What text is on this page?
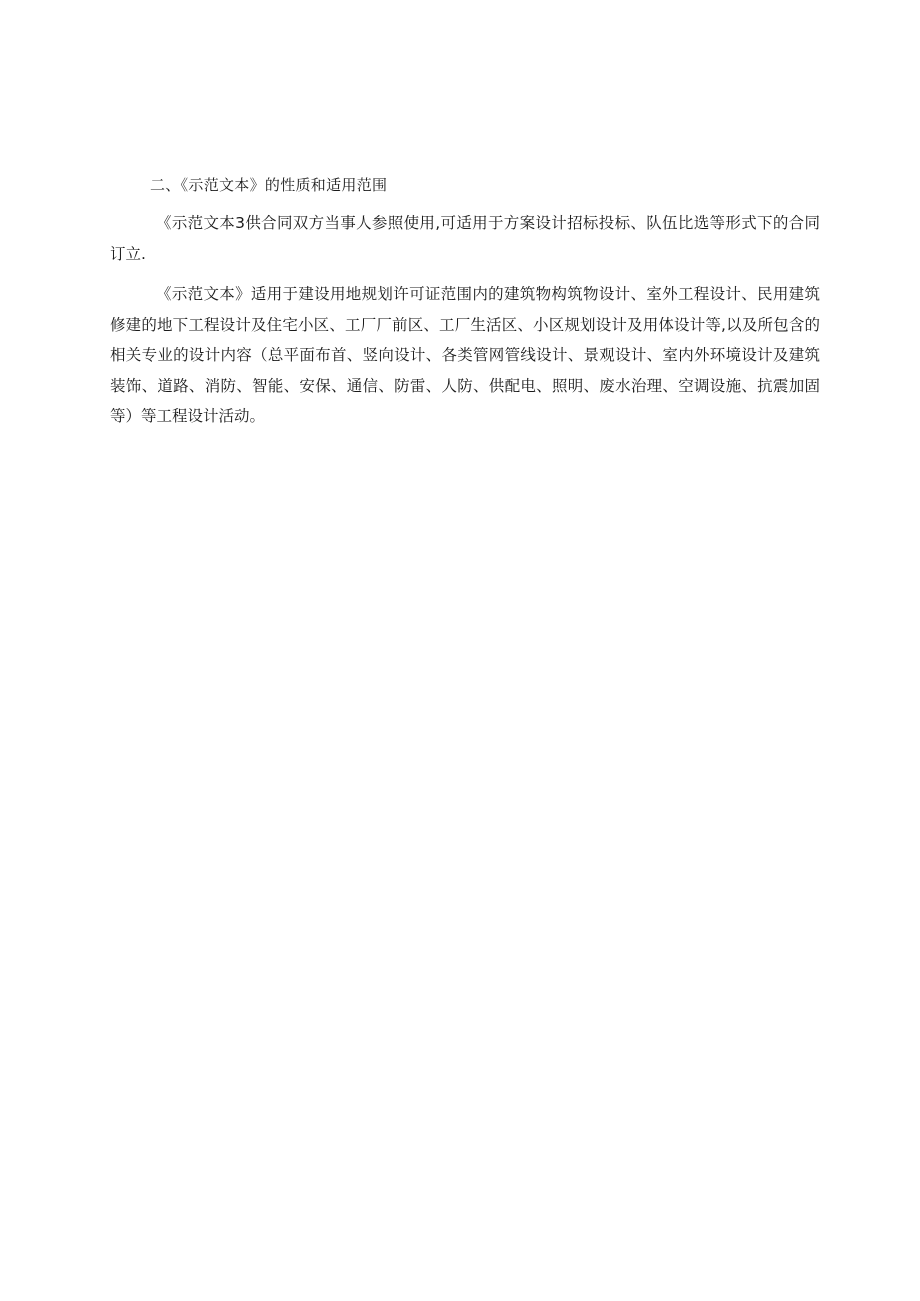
二、《示范文本》的性质和适用范围

《示范文本3供合同双方当事人参照使用,可适用于方案设计招标投标、队伍比选等形式下的合同订立.

《示范文本》适用于建设用地规划许可证范围内的建筑物构筑物设计、室外工程设计、民用建筑修建的地下工程设计及住宅小区、工厂厂前区、工厂生活区、小区规划设计及用体设计等,以及所包含的相关专业的设计内容（总平面布首、竖向设计、各类管网管线设计、景观设计、室内外环境设计及建筑装饰、道路、消防、智能、安保、通信、防雷、人防、供配电、照明、废水治理、空调设施、抗震加固等）等工程设计活动。
